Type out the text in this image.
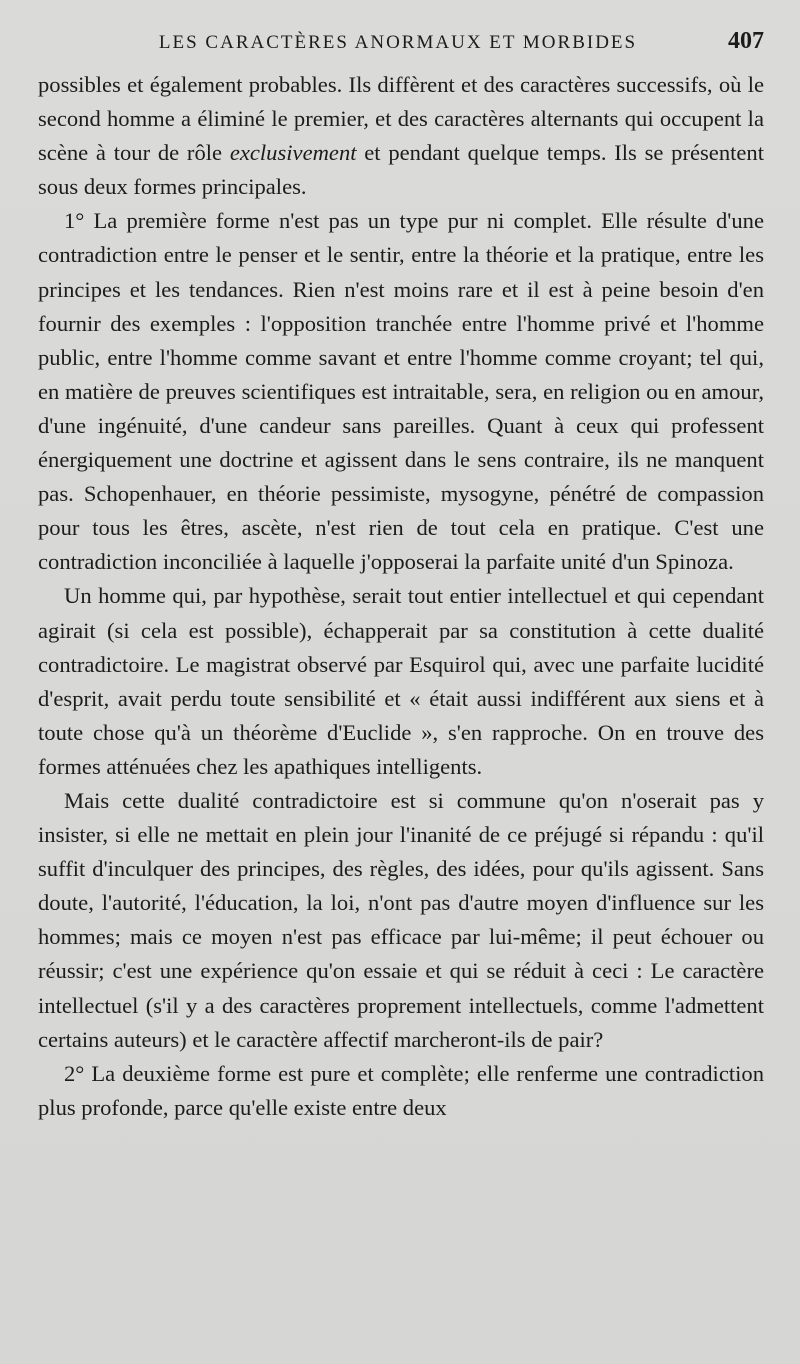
LES CARACTÈRES ANORMAUX ET MORBIDES	407

possibles et également probables. Ils diffèrent et des caractères successifs, où le second homme a éliminé le premier, et des caractères alternants qui occupent la scène à tour de rôle exclusivement et pendant quelque temps. Ils se présentent sous deux formes principales.

1° La première forme n'est pas un type pur ni complet. Elle résulte d'une contradiction entre le penser et le sentir, entre la théorie et la pratique, entre les principes et les tendances. Rien n'est moins rare et il est à peine besoin d'en fournir des exemples : l'opposition tranchée entre l'homme privé et l'homme public, entre l'homme comme savant et entre l'homme comme croyant; tel qui, en matière de preuves scientifiques est intraitable, sera, en religion ou en amour, d'une ingénuité, d'une candeur sans pareilles. Quant à ceux qui professent énergiquement une doctrine et agissent dans le sens contraire, ils ne manquent pas. Schopenhauer, en théorie pessimiste, mysogyne, pénétré de compassion pour tous les êtres, ascète, n'est rien de tout cela en pratique. C'est une contradiction inconciliée à laquelle j'opposerai la parfaite unité d'un Spinoza.

Un homme qui, par hypothèse, serait tout entier intellectuel et qui cependant agirait (si cela est possible), échapperait par sa constitution à cette dualité contradictoire. Le magistrat observé par Esquirol qui, avec une parfaite lucidité d'esprit, avait perdu toute sensibilité et « était aussi indifférent aux siens et à toute chose qu'à un théorème d'Euclide », s'en rapproche. On en trouve des formes atténuées chez les apathiques intelligents.

Mais cette dualité contradictoire est si commune qu'on n'oserait pas y insister, si elle ne mettait en plein jour l'inanité de ce préjugé si répandu : qu'il suffit d'inculquer des principes, des règles, des idées, pour qu'ils agissent. Sans doute, l'autorité, l'éducation, la loi, n'ont pas d'autre moyen d'influence sur les hommes; mais ce moyen n'est pas efficace par lui-même; il peut échouer ou réussir; c'est une expérience qu'on essaie et qui se réduit à ceci : Le caractère intellectuel (s'il y a des caractères proprement intellectuels, comme l'admettent certains auteurs) et le caractère affectif marcheront-ils de pair?

2° La deuxième forme est pure et complète; elle renferme une contradiction plus profonde, parce qu'elle existe entre deux
